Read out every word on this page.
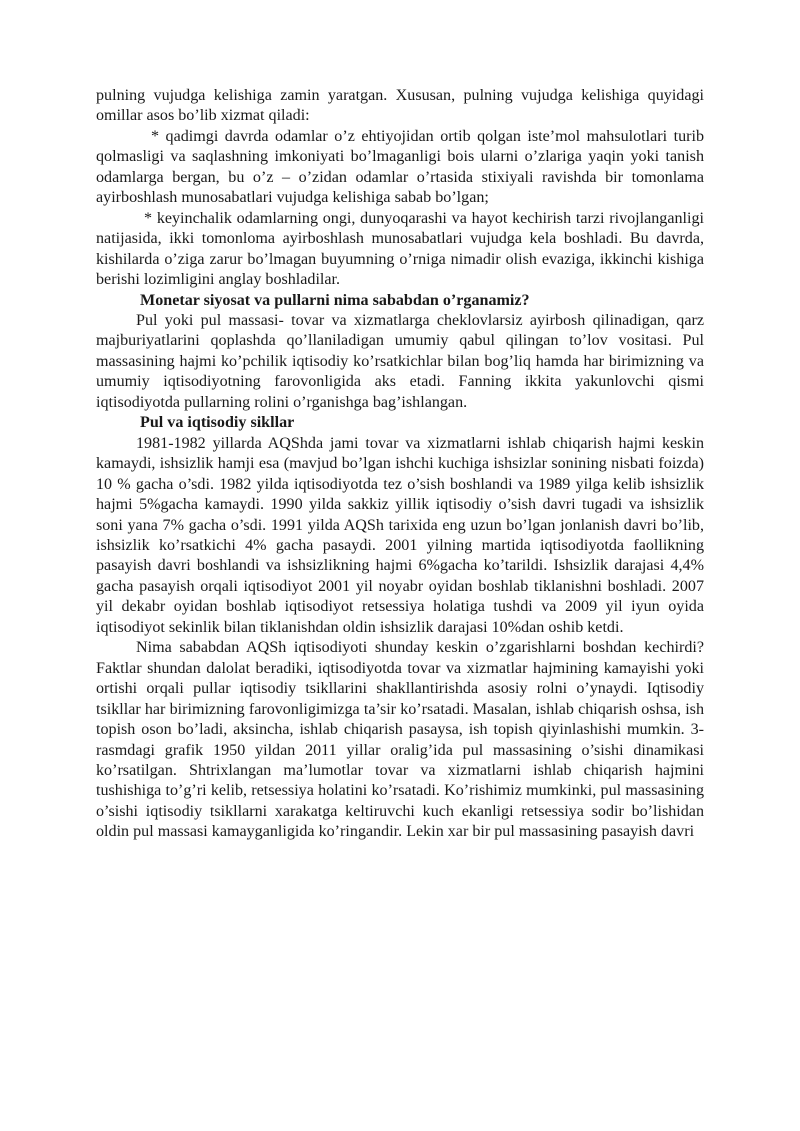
pulning vujudga kelishiga zamin yaratgan. Xususan, pulning vujudga kelishiga quyidagi omillar asos bo’lib xizmat qiladi:

* qadimgi davrda odamlar o’z ehtiyojidan ortib qolgan iste’mol mahsulotlari turib qolmasligi va saqlashning imkoniyati bo’lmaganligi bois ularni o’zlariga yaqin yoki tanish odamlarga bergan, bu o’z – o’zidan odamlar o’rtasida stixiyali ravishda bir tomonlama ayirboshlash munosabatlari vujudga kelishiga sabab bo’lgan;

* keyinchalik odamlarning ongi, dunyoqarashi va hayot kechirish tarzi rivojlanganligi natijasida, ikki tomonloma ayirboshlash munosabatlari vujudga kela boshladi. Bu davrda, kishilarda o’ziga zarur bo’lmagan buyumning o’rniga nimadir olish evaziga, ikkinchi kishiga berishi lozimligini anglay boshladilar.

Monetar siyosat va pullarni nima sababdan o’rganamiz?

Pul yoki pul massasi- tovar va xizmatlarga cheklovlarsiz ayirbosh qilinadigan, qarz majburiyatlarini qoplashda qo’llaniladigan umumiy qabul qilingan to’lov vositasi. Pul massasining hajmi ko’pchilik iqtisodiy ko’rsatkichlar bilan bog’liq hamda har birimizning va umumiy iqtisodiyotning farovonligida aks etadi. Fanning ikkita yakunlovchi qismi iqtisodiyotda pullarning rolini o’rganishga bag’ishlangan.

Pul va iqtisodiy sikllar

1981-1982 yillarda AQShda jami tovar va xizmatlarni ishlab chiqarish hajmi keskin kamaydi, ishsizlik hamji esa (mavjud bo’lgan ishchi kuchiga ishsizlar sonining nisbati foizda) 10 % gacha o’sdi. 1982 yilda iqtisodiyotda tez o’sish boshlandi va 1989 yilga kelib ishsizlik hajmi 5%gacha kamaydi. 1990 yilda sakkiz yillik iqtisodiy o’sish davri tugadi va ishsizlik soni yana 7% gacha o’sdi. 1991 yilda AQSh tarixida eng uzun bo’lgan jonlanish davri bo’lib, ishsizlik ko’rsatkichi 4% gacha pasaydi. 2001 yilning martida iqtisodiyotda faollikning pasayish davri boshlandi va ishsizlikning hajmi 6%gacha ko’tarildi. Ishsizlik darajasi 4,4% gacha pasayish orqali iqtisodiyot 2001 yil noyabr oyidan boshlab tiklanishni boshladi. 2007 yil dekabr oyidan boshlab iqtisodiyot retsessiya holatiga tushdi va 2009 yil iyun oyida iqtisodiyot sekinlik bilan tiklanishdan oldin ishsizlik darajasi 10%dan oshib ketdi.

Nima sababdan AQSh iqtisodiyoti shunday keskin o’zgarishlarni boshdan kechirdi? Faktlar shundan dalolat beradiki, iqtisodiyotda tovar va xizmatlar hajmining kamayishi yoki ortishi orqali pullar iqtisodiy tsikllarini shakllantirishda asosiy rolni o’ynaydi. Iqtisodiy tsikllar har birimizning farovonligimizga ta’sir ko’rsatadi. Masalan, ishlab chiqarish oshsa, ish topish oson bo’ladi, aksincha, ishlab chiqarish pasaysa, ish topish qiyinlashishi mumkin. 3-rasmdagi grafik 1950 yildan 2011 yillar oralig’ida pul massasining o’sishi dinamikasi ko’rsatilgan. Shtrixlangan ma’lumotlar tovar va xizmatlarni ishlab chiqarish hajmini tushishiga to’g’ri kelib, retsessiya holatini ko’rsatadi. Ko’rishimiz mumkinki, pul massasining o’sishi iqtisodiy tsikllarni xarakatga keltiruvchi kuch ekanligi retsessiya sodir bo’lishidan oldin pul massasi kamayganligida ko’ringandir. Lekin xar bir pul massasining pasayish davri
